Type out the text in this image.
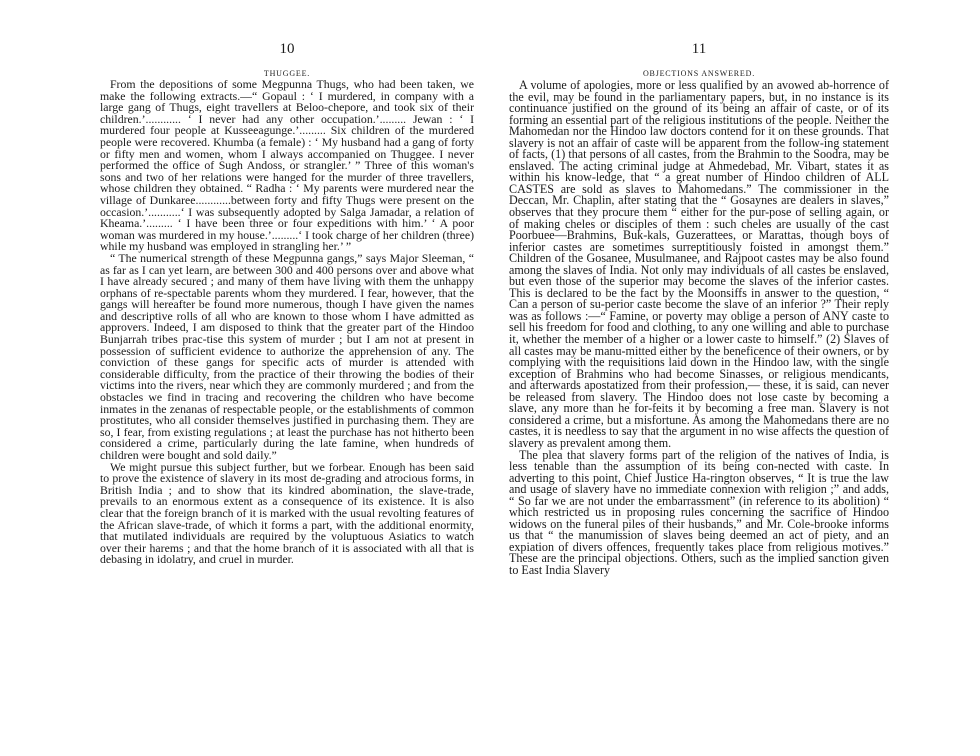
10
THUGGEE.

From the depositions of some Megpunna Thugs, who had been taken, we make the following extracts.—“ Gopaul : ‘ I murdered, in company with a large gang of Thugs, eight travellers at Beloo-chepore, and took six of their children.’............ ‘ I never had any other occupation.’......... Jewan : ‘ I murdered four people at Kusseeagunge.’......... Six children of the murdered people were recovered. Khumba (a female) : ‘ My husband had a gang of forty or fifty men and women, whom I always accompanied on Thuggee. I never performed the office of Sugh Andoss, or strangler.’ ” Three of this woman's sons and two of her relations were hanged for the murder of three travellers, whose children they obtained. “ Radha : ‘ My parents were murdered near the village of Dunkaree............between forty and fifty Thugs were present on the occasion.’...........‘ I was subsequently adopted by Salga Jamadar, a relation of Kheama.’......... ‘ I have been three or four expeditions with him.’ ‘ A poor woman was murdered in my house.’.........‘ I took charge of her children (three) while my husband was employed in strangling her.’ ”

“ The numerical strength of these Megpunna gangs,” says Major Sleeman, “ as far as I can yet learn, are between 300 and 400 persons over and above what I have already secured ; and many of them have living with them the unhappy orphans of re-spectable parents whom they murdered. I fear, however, that the gangs will hereafter be found more numerous, though I have given the names and descriptive rolls of all who are known to those whom I have admitted as approvers. Indeed, I am disposed to think that the greater part of the Hindoo Bunjarrah tribes prac-tise this system of murder ; but I am not at present in possession of sufficient evidence to authorize the apprehension of any. The conviction of these gangs for specific acts of murder is attended with considerable difficulty, from the practice of their throwing the bodies of their victims into the rivers, near which they are commonly murdered ; and from the obstacles we find in tracing and recovering the children who have become inmates in the zenanas of respectable people, or the establishments of common prostitutes, who all consider themselves justified in purchasing them. They are so, I fear, from existing regulations ; at least the purchase has not hitherto been considered a crime, particularly during the late famine, when hundreds of children were bought and sold daily.”

We might pursue this subject further, but we forbear. Enough has been said to prove the existence of slavery in its most de-grading and atrocious forms, in British India ; and to show that its kindred abomination, the slave-trade, prevails to an enormous extent as a consequence of its existence. It is also clear that the foreign branch of it is marked with the usual revolting features of the African slave-trade, of which it forms a part, with the additional enormity, that mutilated individuals are required by the voluptuous Asiatics to watch over their harems ; and that the home branch of it is associated with all that is debasing in idolatry, and cruel in murder.

11
OBJECTIONS ANSWERED.

A volume of apologies, more or less qualified by an avowed ab-horrence of the evil, may be found in the parliamentary papers, but, in no instance is its continuance justified on the ground of its being an affair of caste, or of its forming an essential part of the religious institutions of the people. Neither the Mahomedan nor the Hindoo law doctors contend for it on these grounds. That slavery is not an affair of caste will be apparent from the follow-ing statement of facts, (1) that persons of all castes, from the Brahmin to the Soodra, may be enslaved. The acting criminal judge at Ahmedebad, Mr. Vibart, states it as within his know-ledge, that “ a great number of Hindoo children of ALL CASTES are sold as slaves to Mahomedans.” The commissioner in the Deccan, Mr. Chaplin, after stating that the “ Gosaynes are dealers in slaves,” observes that they procure them “ either for the pur-pose of selling again, or of making cheles or disciples of them : such cheles are usually of the cast Poorbuee—Brahmins, Buk-kals, Guzerattees, or Marattas, though boys of inferior castes are sometimes surreptitiously foisted in amongst them.” Children of the Gosanee, Musulmanee, and Rajpoot castes may be also found among the slaves of India. Not only may individuals of all castes be enslaved, but even those of the superior may become the slaves of the inferior castes. This is declared to be the fact by the Moonsiffs in answer to the question, “ Can a person of su-perior caste become the slave of an inferior ?” Their reply was as follows :—“ Famine, or poverty may oblige a person of ANY caste to sell his freedom for food and clothing, to any one willing and able to purchase it, whether the member of a higher or a lower caste to himself.” (2) Slaves of all castes may be manu-mitted either by the beneficence of their owners, or by complying with the requisitions laid down in the Hindoo law, with the single exception of Brahmins who had become Sinasses, or religious mendicants, and afterwards apostatized from their profession,— these, it is said, can never be released from slavery. The Hindoo does not lose caste by becoming a slave, any more than he for-feits it by becoming a free man. Slavery is not considered a crime, but a misfortune. As among the Mahomedans there are no castes, it is needless to say that the argument in no wise affects the question of slavery as prevalent among them.

The plea that slavery forms part of the religion of the natives of India, is less tenable than the assumption of its being con-nected with caste. In adverting to this point, Chief Justice Ha-rington observes, “ It is true the law and usage of slavery have no immediate connexion with religion ;” and adds, “ So far we are not under the embarrassment” (in reference to its abolition) “ which restricted us in proposing rules concerning the sacrifice of Hindoo widows on the funeral piles of their husbands,” and Mr. Cole-brooke informs us that “ the manumission of slaves being deemed an act of piety, and an expiation of divers offences, frequently takes place from religious motives.” These are the principal objections. Others, such as the implied sanction given to East India Slavery
